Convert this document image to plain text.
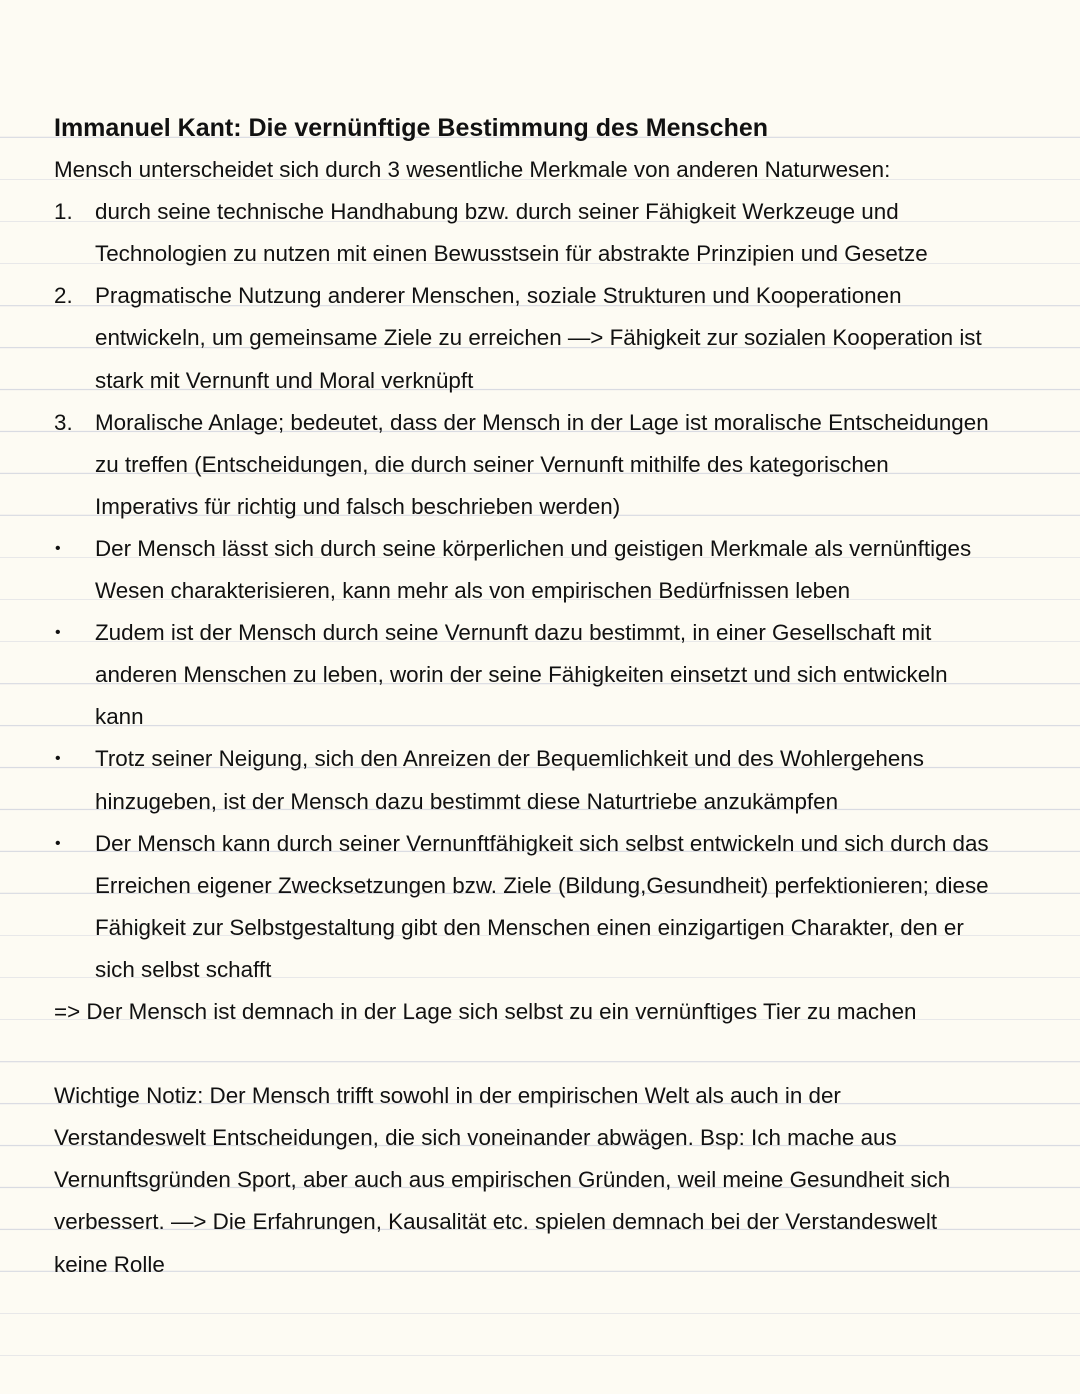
Immanuel Kant: Die vernünftige Bestimmung des Menschen
Mensch unterscheidet sich durch 3 wesentliche Merkmale von anderen Naturwesen:
1. durch seine technische Handhabung bzw. durch seiner Fähigkeit Werkzeuge und
Technologien zu nutzen mit einen Bewusstsein für abstrakte Prinzipien und Gesetze
2. Pragmatische Nutzung anderer Menschen, soziale Strukturen und Kooperationen
entwickeln, um gemeinsame Ziele zu erreichen —> Fähigkeit zur sozialen Kooperation ist
stark mit Vernunft und Moral verknüpft
3. Moralische Anlage; bedeutet, dass der Mensch in der Lage ist moralische Entscheidungen
zu treffen (Entscheidungen, die durch seiner Vernunft mithilfe des kategorischen
Imperativs für richtig und falsch beschrieben werden)
• Der Mensch lässt sich durch seine körperlichen und geistigen Merkmale als vernünftiges
Wesen charakterisieren, kann mehr als von empirischen Bedürfnissen leben
• Zudem ist der Mensch durch seine Vernunft dazu bestimmt, in einer Gesellschaft mit
anderen Menschen zu leben, worin der seine Fähigkeiten einsetzt und sich entwickeln
kann
• Trotz seiner Neigung, sich den Anreizen der Bequemlichkeit und des Wohlergehens
hinzugeben, ist der Mensch dazu bestimmt diese Naturtriebe anzukämpfen
• Der Mensch kann durch seiner Vernunftfähigkeit sich selbst entwickeln und sich durch das
Erreichen eigener Zwecksetzungen bzw. Ziele (Bildung,Gesundheit) perfektionieren; diese
Fähigkeit zur Selbstgestaltung gibt den Menschen einen einzigartigen Charakter, den er
sich selbst schafft
=> Der Mensch ist demnach in der Lage sich selbst zu ein vernünftiges Tier zu machen
Wichtige Notiz: Der Mensch trifft sowohl in der empirischen Welt als auch in der
Verstandeswelt Entscheidungen, die sich voneinander abwägen. Bsp: Ich mache aus
Vernunftsgründen Sport, aber auch aus empirischen Gründen, weil meine Gesundheit sich
verbessert. —> Die Erfahrungen, Kausalität etc. spielen demnach bei der Verstandeswelt
keine Rolle
